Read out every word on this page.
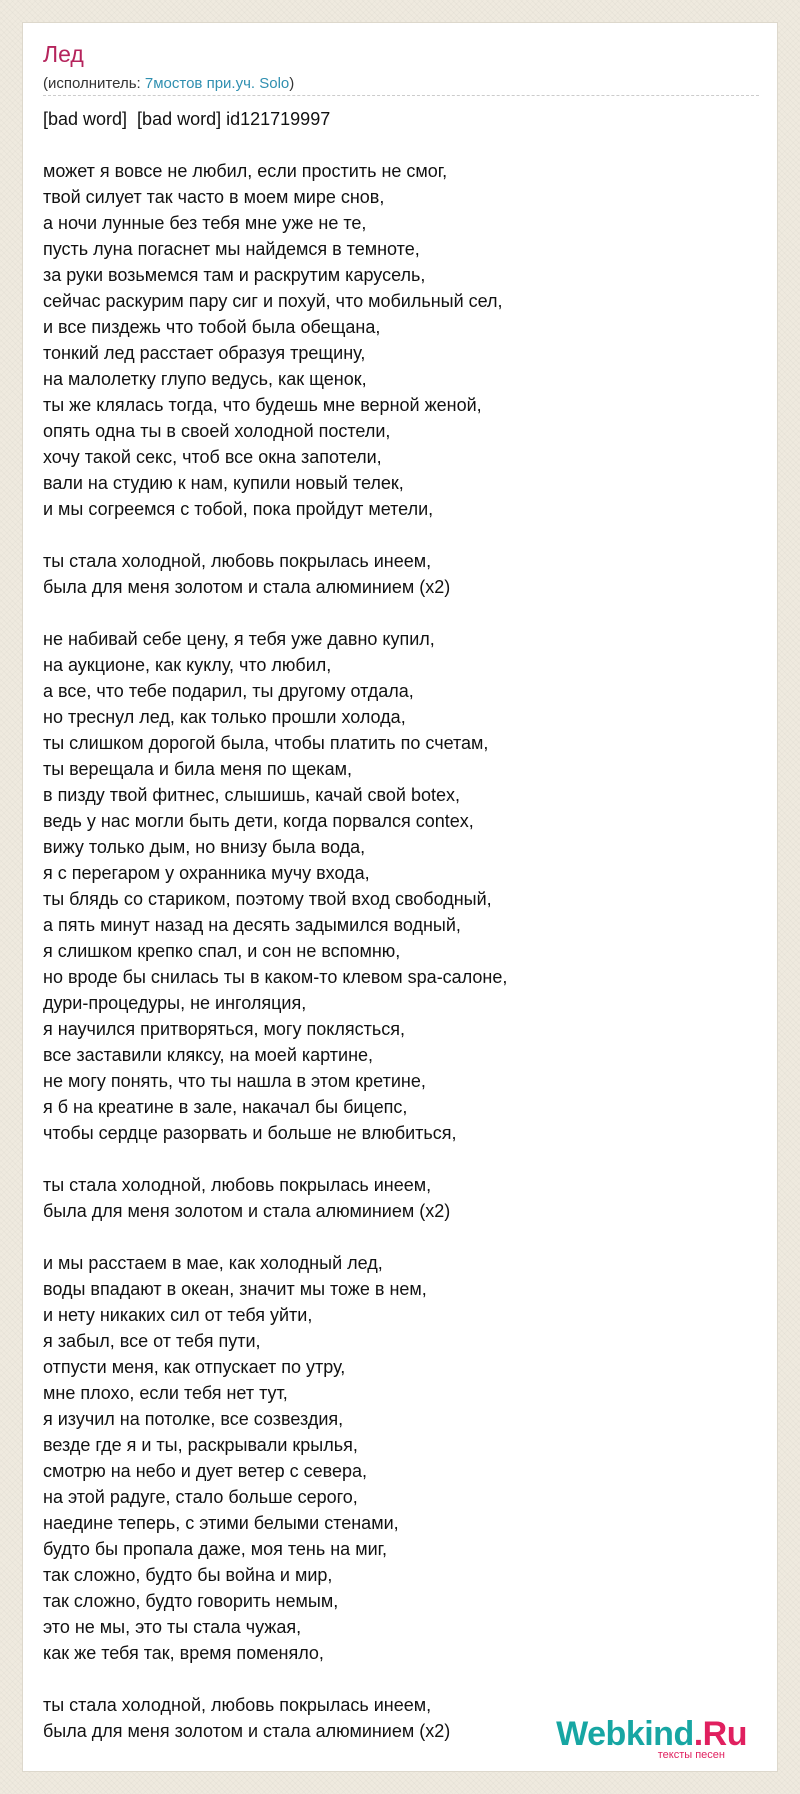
Лед
(исполнитель: 7мостов при.уч. Solo)
[bad word]  [bad word] id121719997

может я вовсе не любил, если простить не смог,
твой силует так часто в моем мире снов,
а ночи лунные без тебя мне уже не те,
пусть луна погаснет мы найдемся в темноте,
за руки возьмемся там и раскрутим карусель,
сейчас раскурим пару сиг и похуй, что мобильный сел,
и все пиздежь что тобой была обещана,
тонкий лед расстает образуя трещину,
на малолетку глупо ведусь, как щенок,
ты же клялась тогда, что будешь мне верной женой,
опять одна ты в своей холодной постели,
хочу такой секс, чтоб все окна запотели,
вали на студию к нам, купили новый телек,
и мы согреемся с тобой, пока пройдут метели,

ты стала холодной, любовь покрылась инеем,
была для меня золотом и стала алюминием (x2)

не набивай себе цену, я тебя уже давно купил,
на аукционе, как куклу, что любил,
а все, что тебе подарил, ты другому отдала,
но треснул лед, как только прошли холода,
ты слишком дорогой была, чтобы платить по счетам,
ты верещала и била меня по щекам,
в пизду твой фитнес, слышишь, качай свой botex,
ведь у нас могли быть дети, когда порвался contex,
вижу только дым, но внизу была вода,
я с перегаром у охранника мучу входа,
ты блядь со стариком, поэтому твой вход свободный,
а пять минут назад на десять задымился водный,
я слишком крепко спал, и сон не вспомню,
но вроде бы снилась ты в каком-то клевом spa-салоне,
дури-процедуры, не инголяция,
я научился притворяться, могу поклясться,
все заставили кляксу, на моей картине,
не могу понять, что ты нашла в этом кретине,
я б на креатине в зале, накачал бы бицепс,
чтобы сердце разорвать и больше не влюбиться,

ты стала холодной, любовь покрылась инеем,
была для меня золотом и стала алюминием (x2)

и мы расстаем в мае, как холодный лед,
воды впадают в океан, значит мы тоже в нем,
и нету никаких сил от тебя уйти,
я забыл, все от тебя пути,
отпусти меня, как отпускает по утру,
мне плохо, если тебя нет тут,
я изучил на потолке, все созвездия,
везде где я и ты, раскрывали крылья,
смотрю на небо и дует ветер с севера,
на этой радуге, стало больше серого,
наедине теперь, с этими белыми стенами,
будто бы пропала даже, моя тень на миг,
так сложно, будто бы война и мир,
так сложно, будто говорить немым,
это не мы, это ты стала чужая,
как же тебя так, время поменяло,

ты стала холодной, любовь покрылась инеем,
была для меня золотом и стала алюминием (x2)	Webkind.Ru
тексты песен
